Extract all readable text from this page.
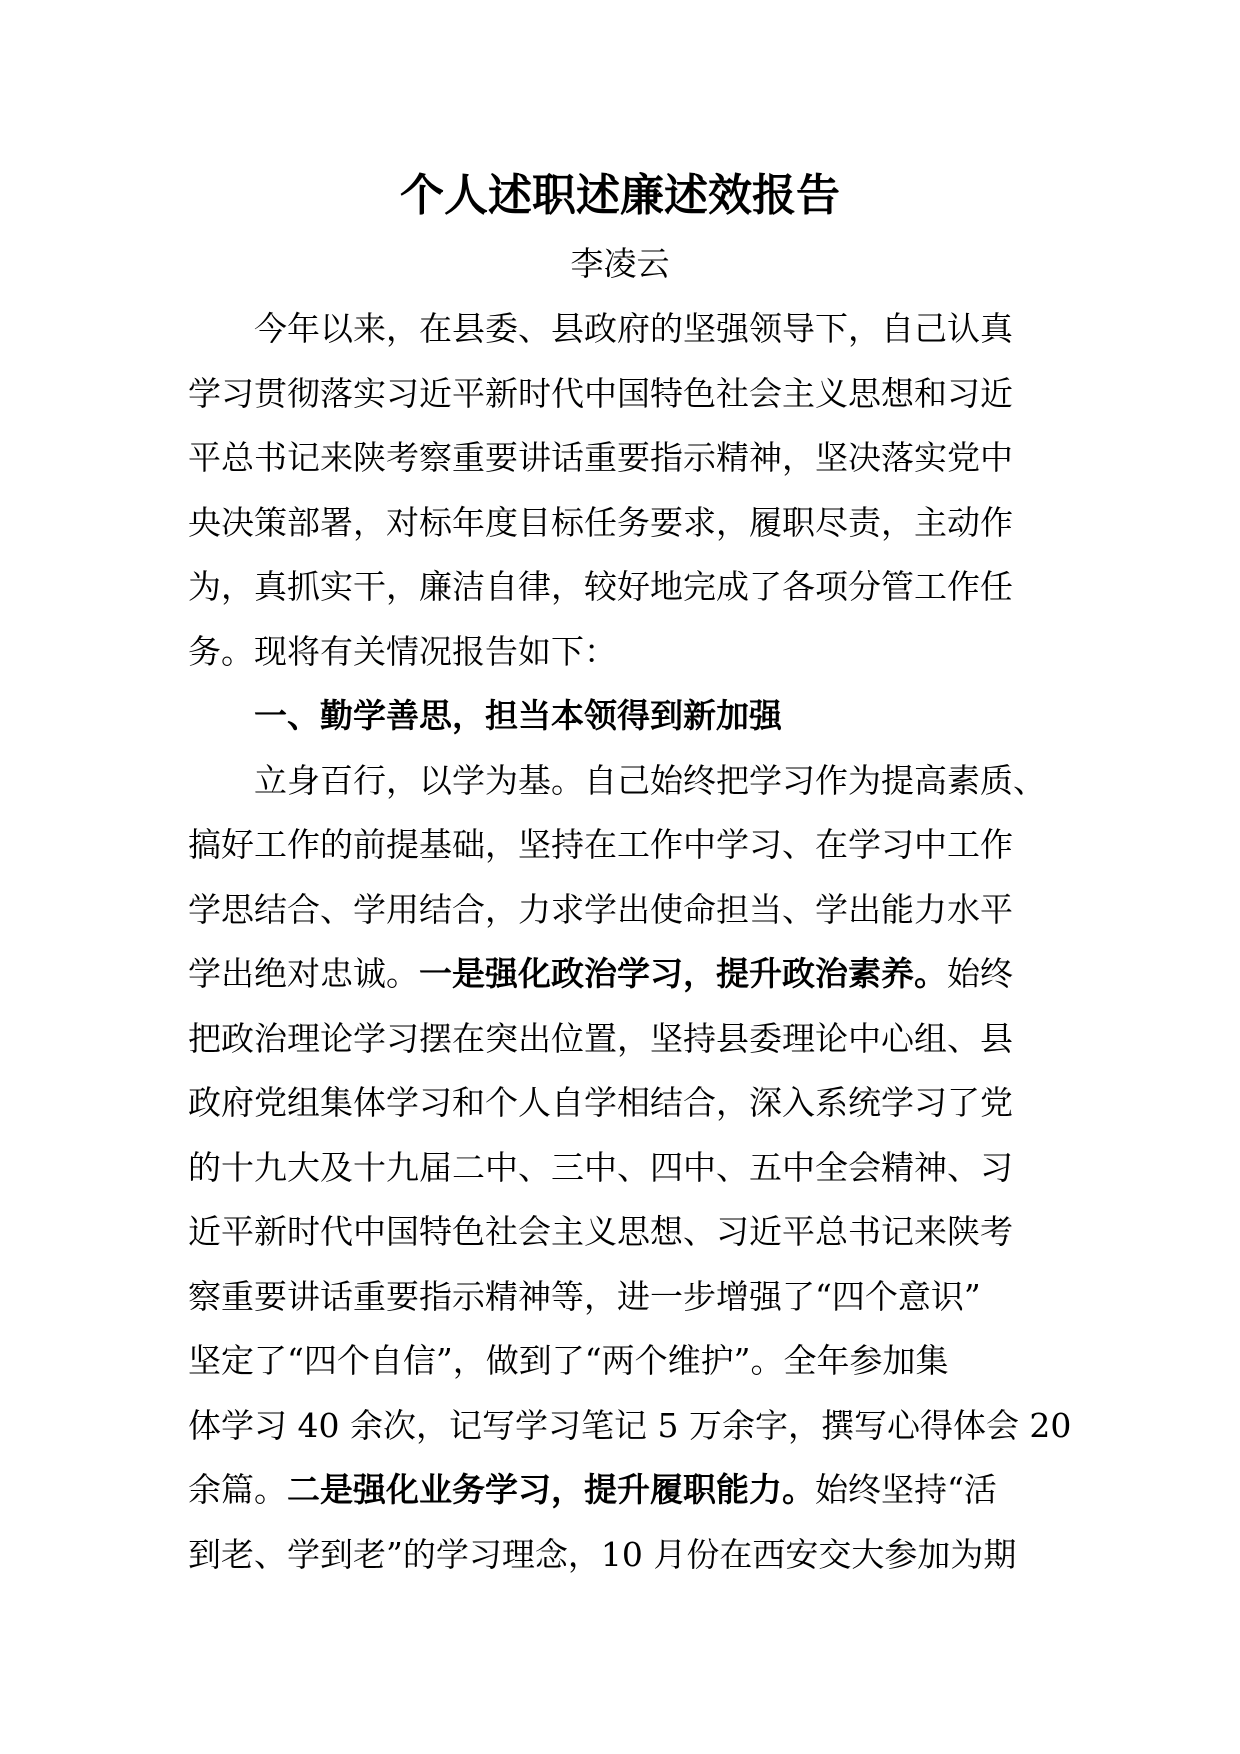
个人述职述廉述效报告

李凌云

今年以来，在县委、县政府的坚强领导下，自己认真
学习贯彻落实习近平新时代中国特色社会主义思想和习近
平总书记来陕考察重要讲话重要指示精神，坚决落实党中
央决策部署，对标年度目标任务要求，履职尽责，主动作
为，真抓实干，廉洁自律，较好地完成了各项分管工作任
务。现将有关情况报告如下：
一、勤学善思，担当本领得到新加强
立身百行，以学为基。自己始终把学习作为提高素质、
搞好工作的前提基础，坚持在工作中学习、在学习中工作
学思结合、学用结合，力求学出使命担当、学出能力水平
学出绝对忠诚。一是强化政治学习，提升政治素养。始终
把政治理论学习摆在突出位置，坚持县委理论中心组、县
政府党组集体学习和个人自学相结合，深入系统学习了党
的十九大及十九届二中、三中、四中、五中全会精神、习
近平新时代中国特色社会主义思想、习近平总书记来陕考
察重要讲话重要指示精神等，进一步增强了“四个意识”
坚定了“四个自信”，做到了“两个维护”。全年参加集
体学习 40 余次，记写学习笔记 5 万余字，撰写心得体会 20
余篇。二是强化业务学习，提升履职能力。始终坚持“活
到老、学到老”的学习理念，10 月份在西安交大参加为期
